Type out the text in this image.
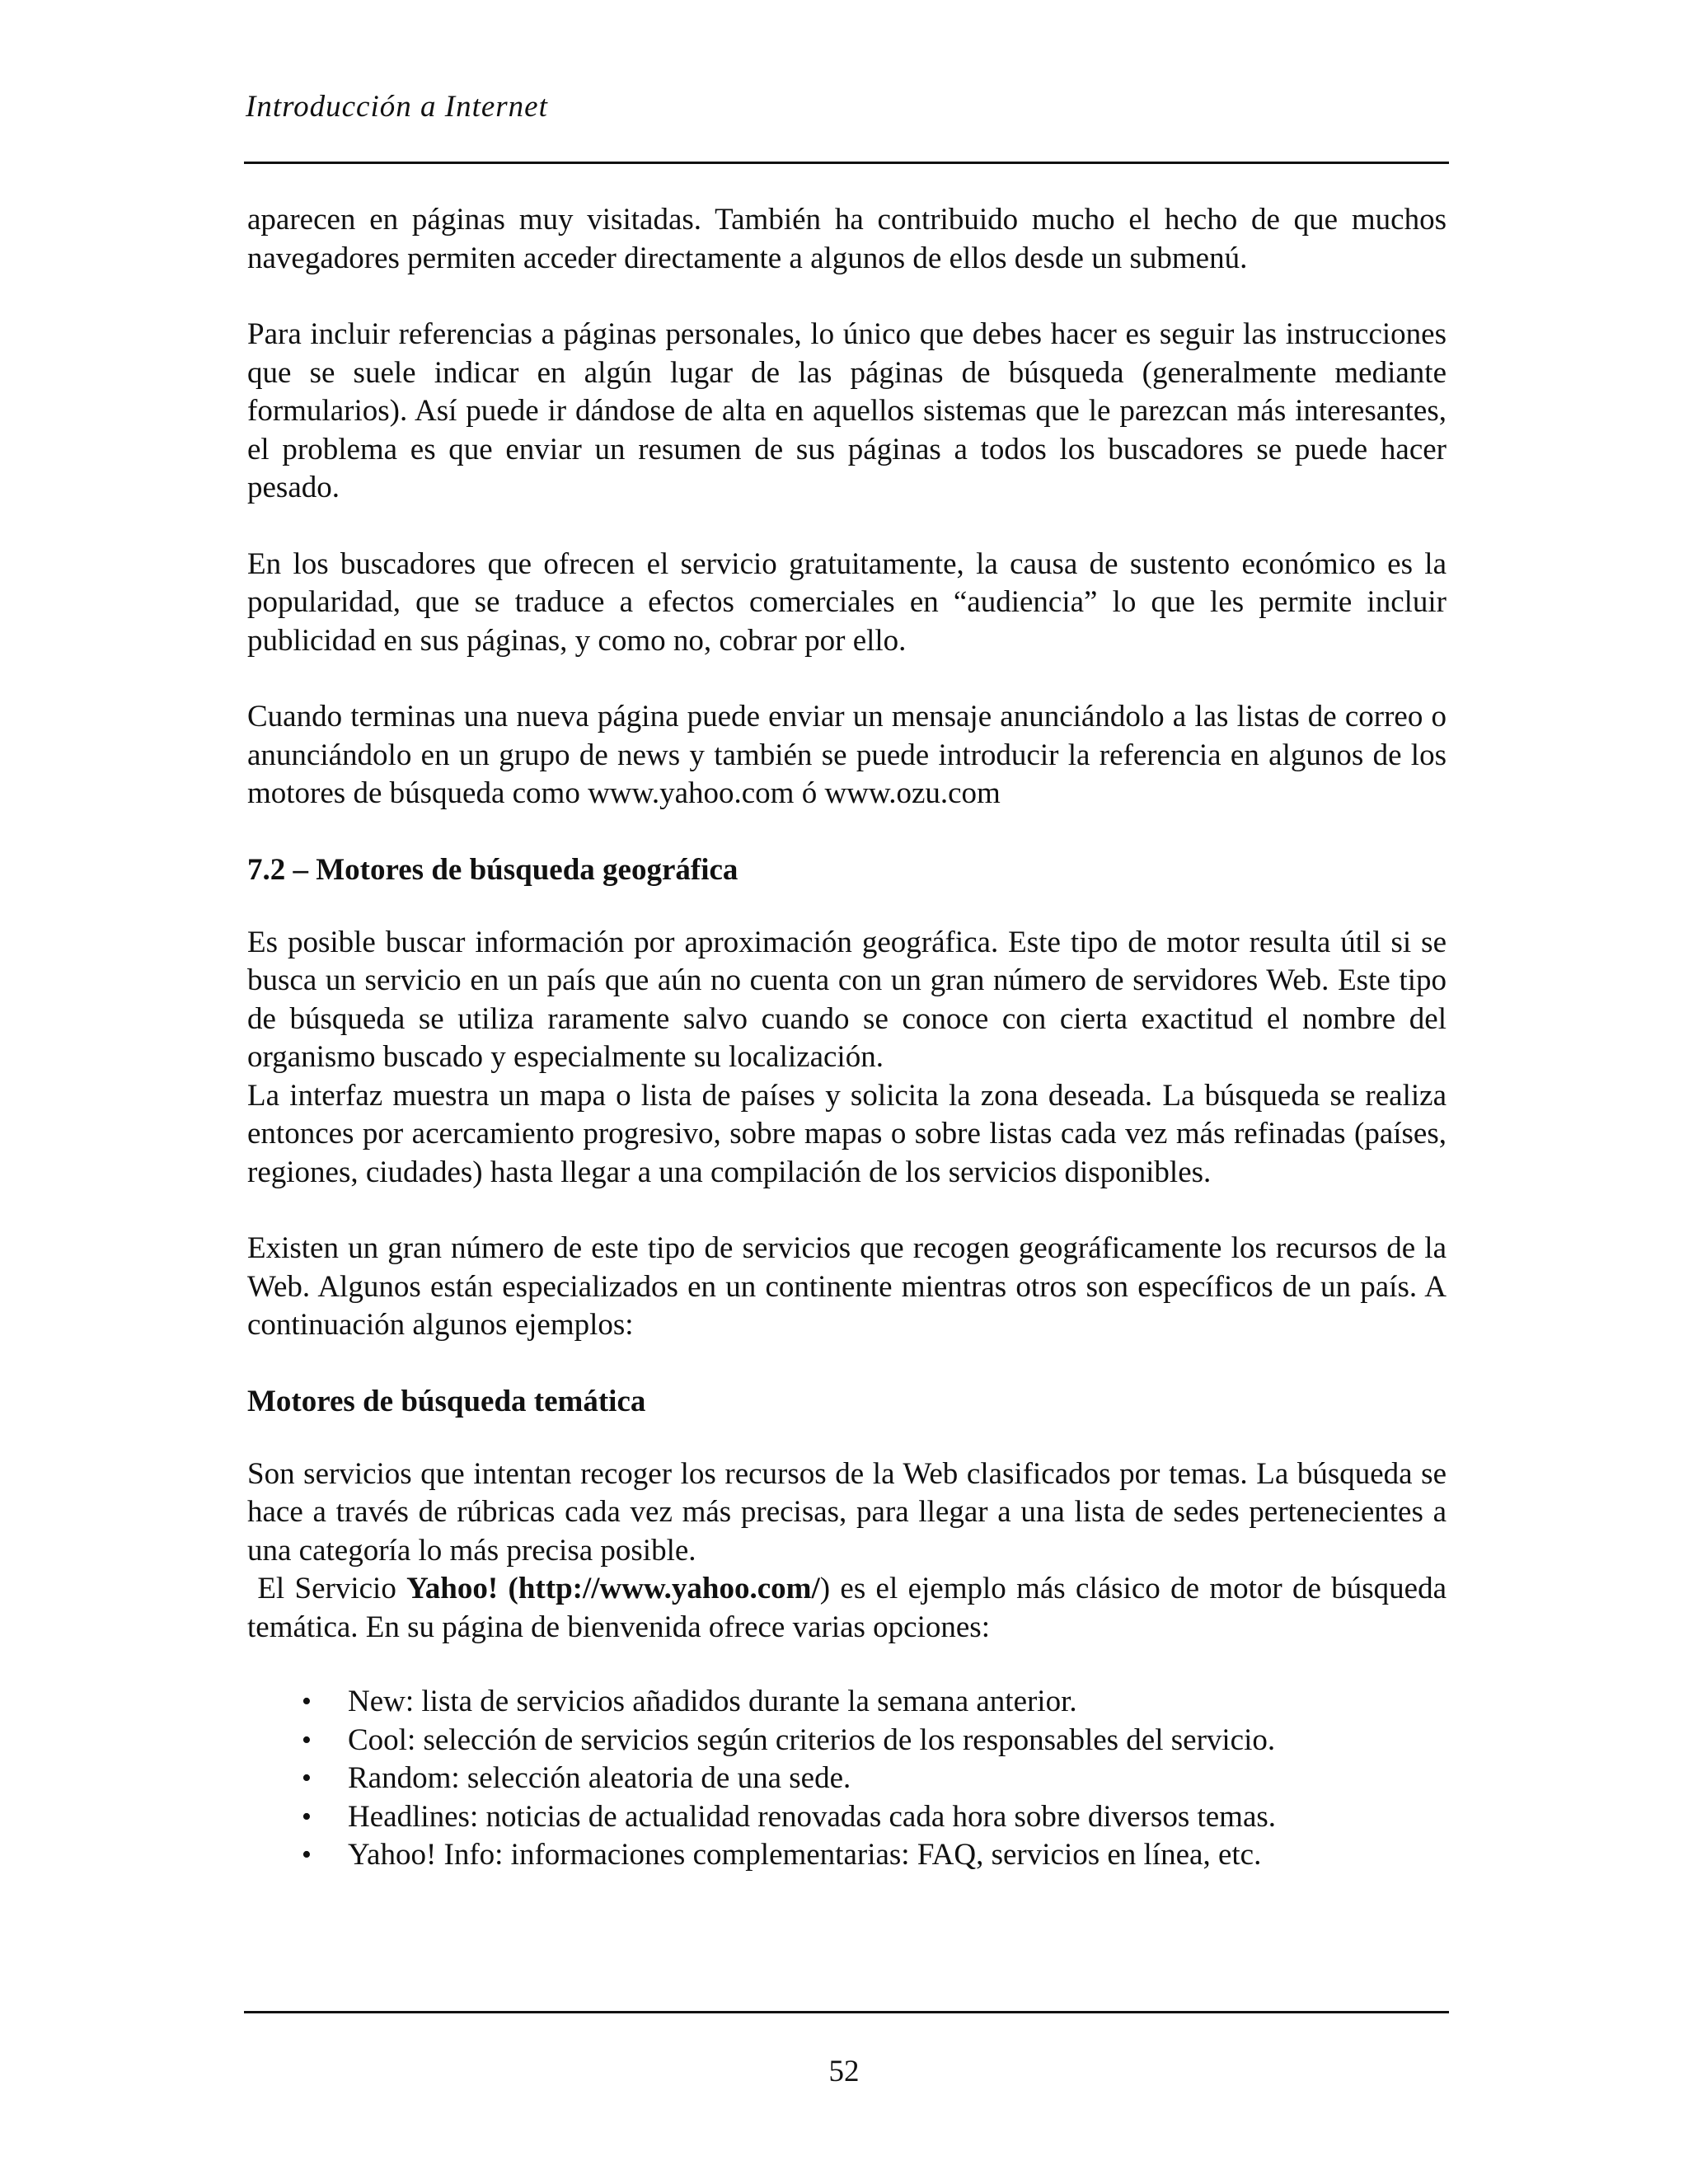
Introducción a Internet

aparecen en páginas muy visitadas. También ha contribuido mucho el hecho de que muchos navegadores permiten acceder directamente a algunos de ellos desde un submenú.

Para incluir referencias a páginas personales, lo único que debes hacer es seguir las instrucciones que se suele indicar en algún lugar de las páginas de búsqueda (generalmente mediante formularios). Así puede ir dándose de alta en aquellos sistemas que le parezcan más interesantes, el problema es que enviar un resumen de sus páginas a todos los buscadores se puede hacer pesado.

En los buscadores que ofrecen el servicio gratuitamente, la causa de sustento económico es la popularidad, que se traduce a efectos comerciales en “audiencia” lo que les permite incluir publicidad en sus páginas, y como no, cobrar por ello.

Cuando terminas una nueva página puede enviar un mensaje anunciándolo a las listas de correo o anunciándolo en un grupo de news y también se puede introducir la referencia en algunos de los motores de búsqueda como www.yahoo.com ó www.ozu.com

7.2 – Motores de búsqueda geográfica

Es posible buscar información por aproximación geográfica. Este tipo de motor resulta útil si se busca un servicio en un país que aún no cuenta con un gran número de servidores Web. Este tipo de búsqueda se utiliza raramente salvo cuando se conoce con cierta exactitud el nombre del organismo buscado y especialmente su localización.

La interfaz muestra un mapa o lista de países y solicita la zona deseada. La búsqueda se realiza entonces por acercamiento progresivo, sobre mapas o sobre listas cada vez más refinadas (países, regiones, ciudades) hasta llegar a una compilación de los servicios disponibles.

Existen un gran número de este tipo de servicios que recogen geográficamente los recursos de la Web. Algunos están especializados en un continente mientras otros son específicos de un país. A continuación algunos ejemplos:

Motores de búsqueda temática

Son servicios que intentan recoger los recursos de la Web clasificados por temas. La búsqueda se hace a través de rúbricas cada vez más precisas, para llegar a una lista de sedes pertenecientes a una categoría lo más precisa posible.

El Servicio Yahoo! (http://www.yahoo.com/) es el ejemplo más clásico de motor de búsqueda temática. En su página de bienvenida ofrece varias opciones:

• New: lista de servicios añadidos durante la semana anterior.
• Cool: selección de servicios según criterios de los responsables del servicio.
• Random: selección aleatoria de una sede.
• Headlines: noticias de actualidad renovadas cada hora sobre diversos temas.
• Yahoo! Info: informaciones complementarias: FAQ, servicios en línea, etc.
52
